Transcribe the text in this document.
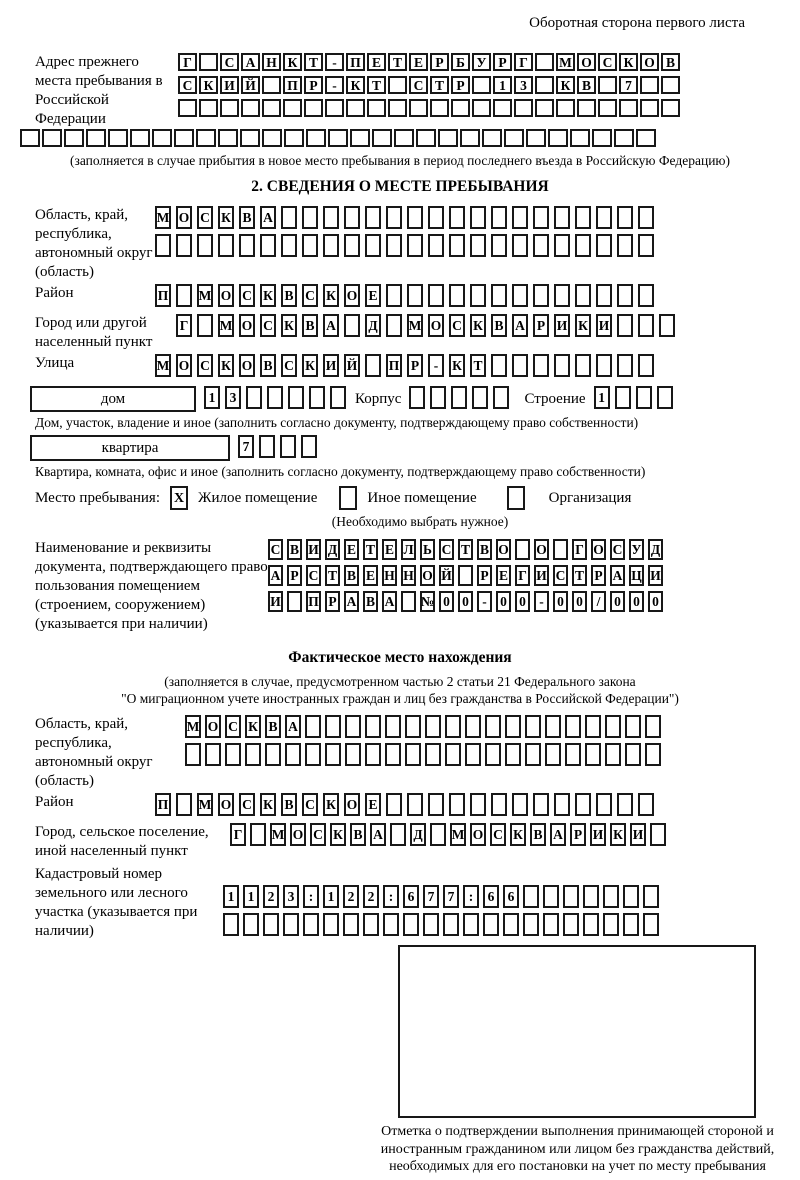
Оборотная сторона первого листа
Адрес прежнего места пребывания в Российской Федерации
Г	С А Н К Т	- П Е Т Е Р Б У Р Г	М О С К О В
С К И Й	П Р	-	К Т	С Т Р	1	3	К В	7
(заполняется в случае прибытия в новое место пребывания в период последнего въезда в Российскую Федерацию)
2. СВЕДЕНИЯ О МЕСТЕ ПРЕБЫВАНИЯ
Область, край, республика, автономный округ (область)
М О С К В А
Район	П М О С К В С К О Е
Город или другой населенный пункт
Г М О С К В А Д М О С К В А Р И К И
Улица	М О С К О В С К И Й П Р	-	К Т
дом	1	3	Корпус	Строение 1
Дом, участок, владение и иное (заполнить согласно документу, подтверждающему право собственности)
квартира	7
Квартира, комната, офис и иное (заполнить согласно документу, подтверждающему право собственности)
Место пребывания: Х Жилое помещение	Иное помещение	Организация
(Необходимо выбрать нужное)
Наименование и реквизиты документа, подтверждающего право пользования помещением (строением, сооружением) (указывается при наличии)
С В И Д Е Т Е Л Ь С Т В О О Г О С У Д
А Р С Т В Е Н Н О Й Р Е Г И С Т Р А Ц И
И П Р А В А № 0 0 - 0 0 - 0 0	/	0 0 0
Фактическое место нахождения
(заполняется в случае, предусмотренном частью 2 статьи 21 Федерального закона
"О миграционном учете иностранных граждан и лиц без гражданства в Российской Федерации")
Область, край, республика, автономный округ (область)
М О С К В А
Район	П М О С К В С К О Е
Город, сельское поселение, иной населенный пункт
Г М О С К В А Д М О С К В А Р И К И
Кадастровый номер земельного или лесного участка (указывается при наличии)
1 1 2 3	:	1 2 2	:	6 7 7	:	6 6
Отметка о подтверждении выполнения принимающей стороной и иностранным гражданином или лицом без гражданства действий, необходимых для его постановки на учет по месту пребывания
